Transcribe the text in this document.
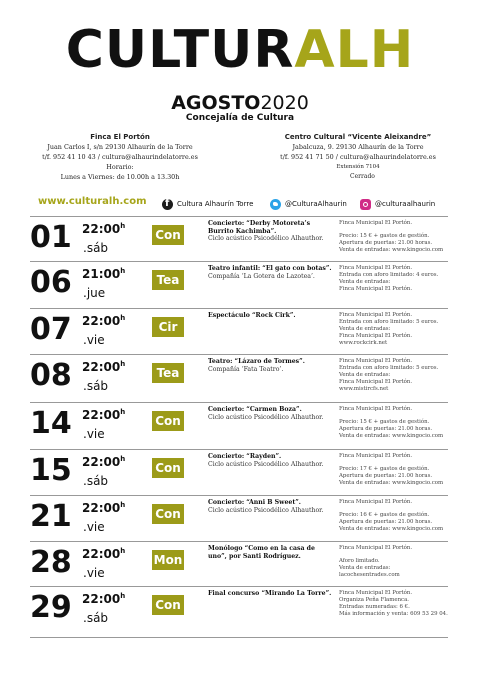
CULTURALH
AGOSTO2020
Concejalía de Cultura
Finca El Portón
Juan Carlos I, s/n 29130 Alhaurín de la Torre
t/f. 952 41 10 43 / cultura@alhaurindelatorre.es
Horario:
Lunes a Viernes: de 10.00h a 13.30h
Centro Cultural “Vicente Aleixandre”
Jabalcuza, 9. 29130 Alhaurín de la Torre
t/f. 952 41 71 50 / cultura@alhaurindelatorre.es
Extensión 7104
Cerrado
www.culturalh.com
f	Cultura Alhaurín Torre	@CulturaAlhaurin	@culturaalhaurin
01 22:00$^h$
.sáb
Con
Concierto: “Derby Motoreta’s Burrito Kachimba”.
Ciclo acústico Psicodélico Alhauthor.
Finca Municipal El Portón.
Precio: 15 € + gastos de gestión.
Apertura de puertas: 21.00 horas.
Venta de entradas: www.kingocio.com
06 21:00$^h$
.jue
Tea
Teatro infantil: “El gato con botas”.
Compañía ‘La Gotera de Lazotea’.
Finca Municipal El Portón.
Entrada con aforo limitado: 4 euros.
Venta de entradas:
Finca Municipal El Portón.
07 22:00$^h$
.vie
Cir
Espectáculo “Rock Cirk”.	Finca Municipal El Portón.
Entrada con aforo limitado: 5 euros.
Venta de entradas:
Finca Municipal El Portón.
www.rockcirk.net
08 22:00$^h$
.sáb
Tea
Teatro: “Lázaro de Tormes”.
Compañía ‘Fata Teatro’.
Finca Municipal El Portón.
Entrada con aforo limitado: 5 euros.
Venta de entradas:
Finca Municipal El Portón.
www.mistircfs.net
14 22:00$^h$
.vie
Con
Concierto: “Carmen Boza”.
Ciclo acústico Psicodélico Alhauthor.
Finca Municipal El Portón.
Precio: 15 € + gastos de gestión.
Apertura de puertas: 21.00 horas.
Venta de entradas: www.kingocio.com
15 22:00$^h$
.sáb
Con
Concierto: “Rayden”.
Ciclo acústico Psicodélico Alhauthor.
Finca Municipal El Portón.
Precio: 17 € + gastos de gestión.
Apertura de puertas: 21.00 horas.
Venta de entradas: www.kingocio.com
21 22:00$^h$
.vie
Con
Concierto: “Anni B Sweet”.
Ciclo acústico Psicodélico Alhauthor.
Finca Municipal El Portón.
Precio: 16 € + gastos de gestión.
Apertura de puertas: 21.00 horas.
Venta de entradas: www.kingocio.com
28 22:00$^h$
.vie
Mon
Monólogo “Como en la casa de uno”, por Santi Rodríguez.
Finca Municipal El Portón.
Aforo limitado.
Venta de entradas:
lacochesentrades.com
29 22:00$^h$
.sáb
Con
Final concurso “Mirando La Torre”.	Finca Municipal El Portón.
Organiza Peña Flamenca.
Entradas numeradas: 6 €.
Más información y venta: 609 53 29 04.
